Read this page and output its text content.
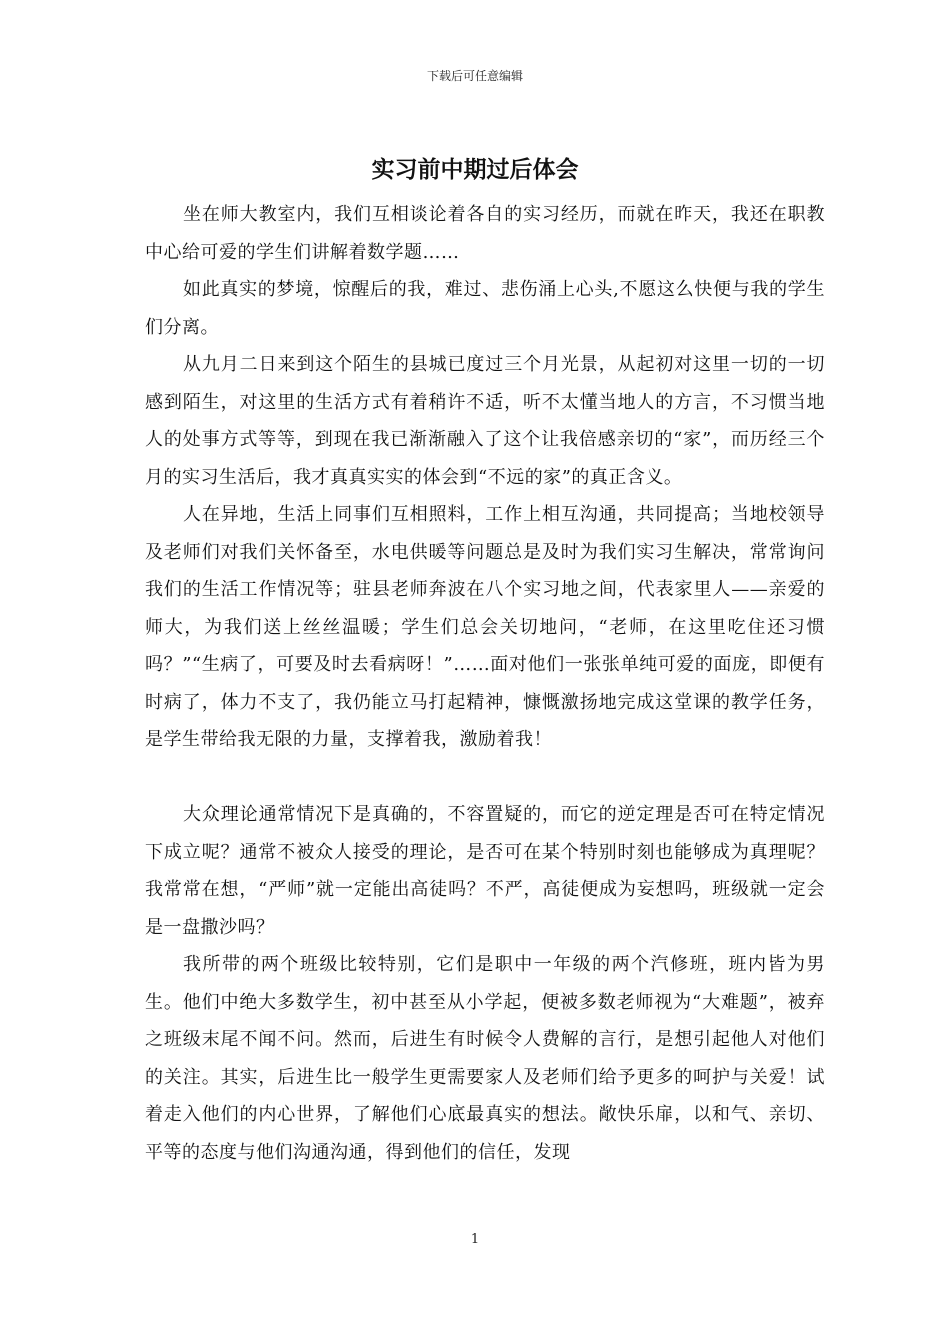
下载后可任意编辑
实习前中期过后体会

坐在师大教室内，我们互相谈论着各自的实习经历，而就在昨天，我还在职教中心给可爱的学生们讲解着数学题……

如此真实的梦境，惊醒后的我，难过、悲伤涌上心头,不愿这么快便与我的学生们分离。

从九月二日来到这个陌生的县城已度过三个月光景，从起初对这里一切的一切感到陌生，对这里的生活方式有着稍许不适，听不太懂当地人的方言，不习惯当地人的处事方式等等，到现在我已渐渐融入了这个让我倍感亲切的“家”，而历经三个月的实习生活后，我才真真实实的体会到“不远的家”的真正含义。

人在异地，生活上同事们互相照料，工作上相互沟通，共同提高；当地校领导及老师们对我们关怀备至，水电供暖等问题总是及时为我们实习生解决，常常询问我们的生活工作情况等；驻县老师奔波在八个实习地之间，代表家里人——亲爱的师大，为我们送上丝丝温暖；学生们总会关切地问，“老师，在这里吃住还习惯吗？”“生病了，可要及时去看病呀！”……面对他们一张张单纯可爱的面庞，即便有时病了，体力不支了，我仍能立马打起精神，慷慨激扬地完成这堂课的教学任务，是学生带给我无限的力量，支撑着我，激励着我！

大众理论通常情况下是真确的，不容置疑的，而它的逆定理是否可在特定情况下成立呢？通常不被众人接受的理论，是否可在某个特别时刻也能够成为真理呢？我常常在想，“严师”就一定能出高徒吗？不严，高徒便成为妄想吗，班级就一定会是一盘撒沙吗？

我所带的两个班级比较特别，它们是职中一年级的两个汽修班，班内皆为男生。他们中绝大多数学生，初中甚至从小学起，便被多数老师视为“大难题”，被弃之班级末尾不闻不问。然而，后进生有时候令人费解的言行，是想引起他人对他们的关注。其实，后进生比一般学生更需要家人及老师们给予更多的呵护与关爱！试着走入他们的内心世界，了解他们心底最真实的想法。敞快乐扉，以和气、亲切、平等的态度与他们沟通沟通，得到他们的信任，发现

1
